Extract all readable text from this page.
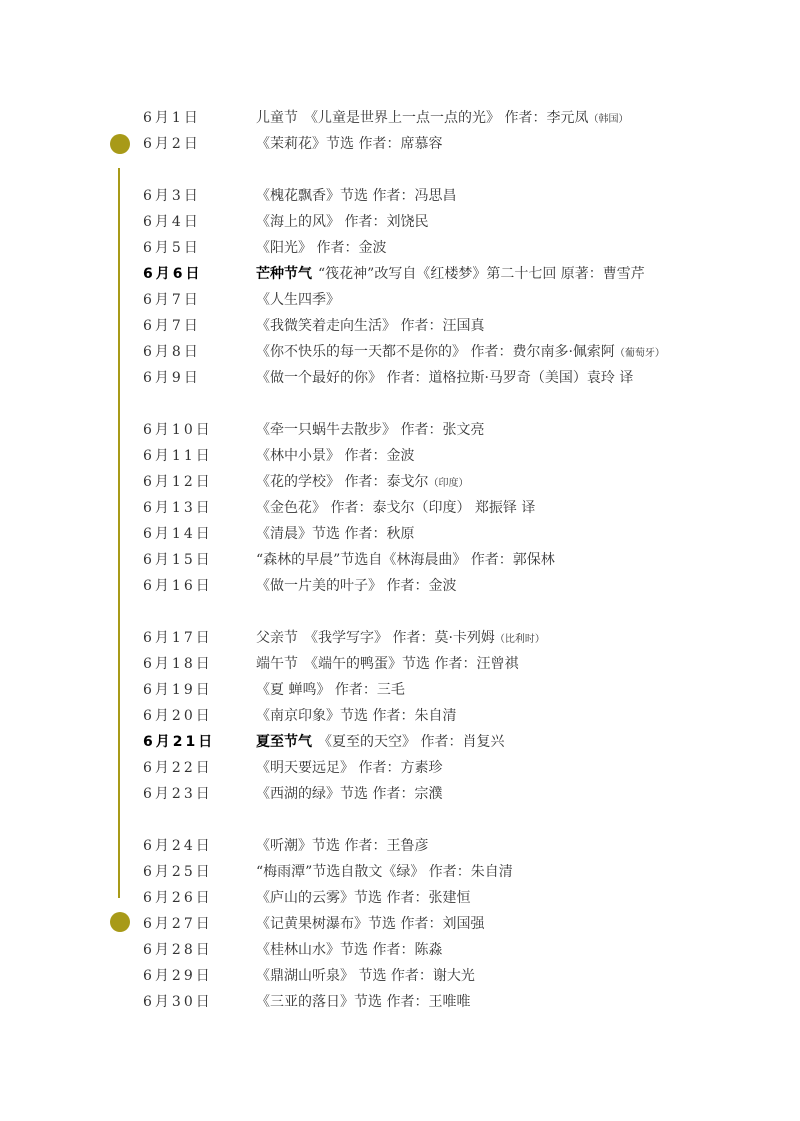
6月1日	儿童节 《儿童是世界上一点一点的光》 作者：李元凤（韩国）
6月2日	《茉莉花》节选 作者：席慕容
6月3日	《槐花飘香》节选 作者：冯思昌
6月4日	《海上的风》 作者：刘饶民
6月5日	《阳光》 作者：金波
6月6日	芒种节气 “筏花神”改写自《红楼梦》第二十七回 原著：曹雪芹
6月7日	《人生四季》
6月7日	《我微笑着走向生活》 作者：汪国真
6月8日	《你不快乐的每一天都不是你的》 作者：费尔南多·佩索阿（葡萄牙）
6月9日	《做一个最好的你》 作者：道格拉斯·马罗奇（美国）袁玲 译
6月10日	《牵一只蜗牛去散步》 作者：张文亮
6月11日	《林中小景》 作者：金波
6月12日	《花的学校》 作者：泰戈尔（印度）
6月13日	《金色花》 作者：泰戈尔（印度） 郑振铎 译
6月14日	《清晨》节选 作者：秋原
6月15日	“森林的早晨”节选自《林海晨曲》 作者：郭保林
6月16日	《做一片美的叶子》 作者：金波
6月17日	父亲节 《我学写字》 作者：莫·卡列姆（比利时）
6月18日	端午节 《端午的鸭蛋》节选 作者：汪曾祺
6月19日	《夏 蝉鸣》 作者：三毛
6月20日	《南京印象》节选 作者：朱自清
6月21日	夏至节气 《夏至的天空》 作者：肖复兴
6月22日	《明天要远足》 作者：方素珍
6月23日	《西湖的绿》节选 作者：宗濮
6月24日	《听潮》节选 作者：王鲁彦
6月25日	“梅雨潭”节选自散文《绿》 作者：朱自清
6月26日	《庐山的云雾》节选 作者：张建恒
6月27日	《记黄果树瀑布》节选 作者：刘国强
6月28日	《桂林山水》节选 作者：陈淼
6月29日	《鼎湖山听泉》 节选 作者：谢大光
6月30日	《三亚的落日》节选 作者：王唯唯
